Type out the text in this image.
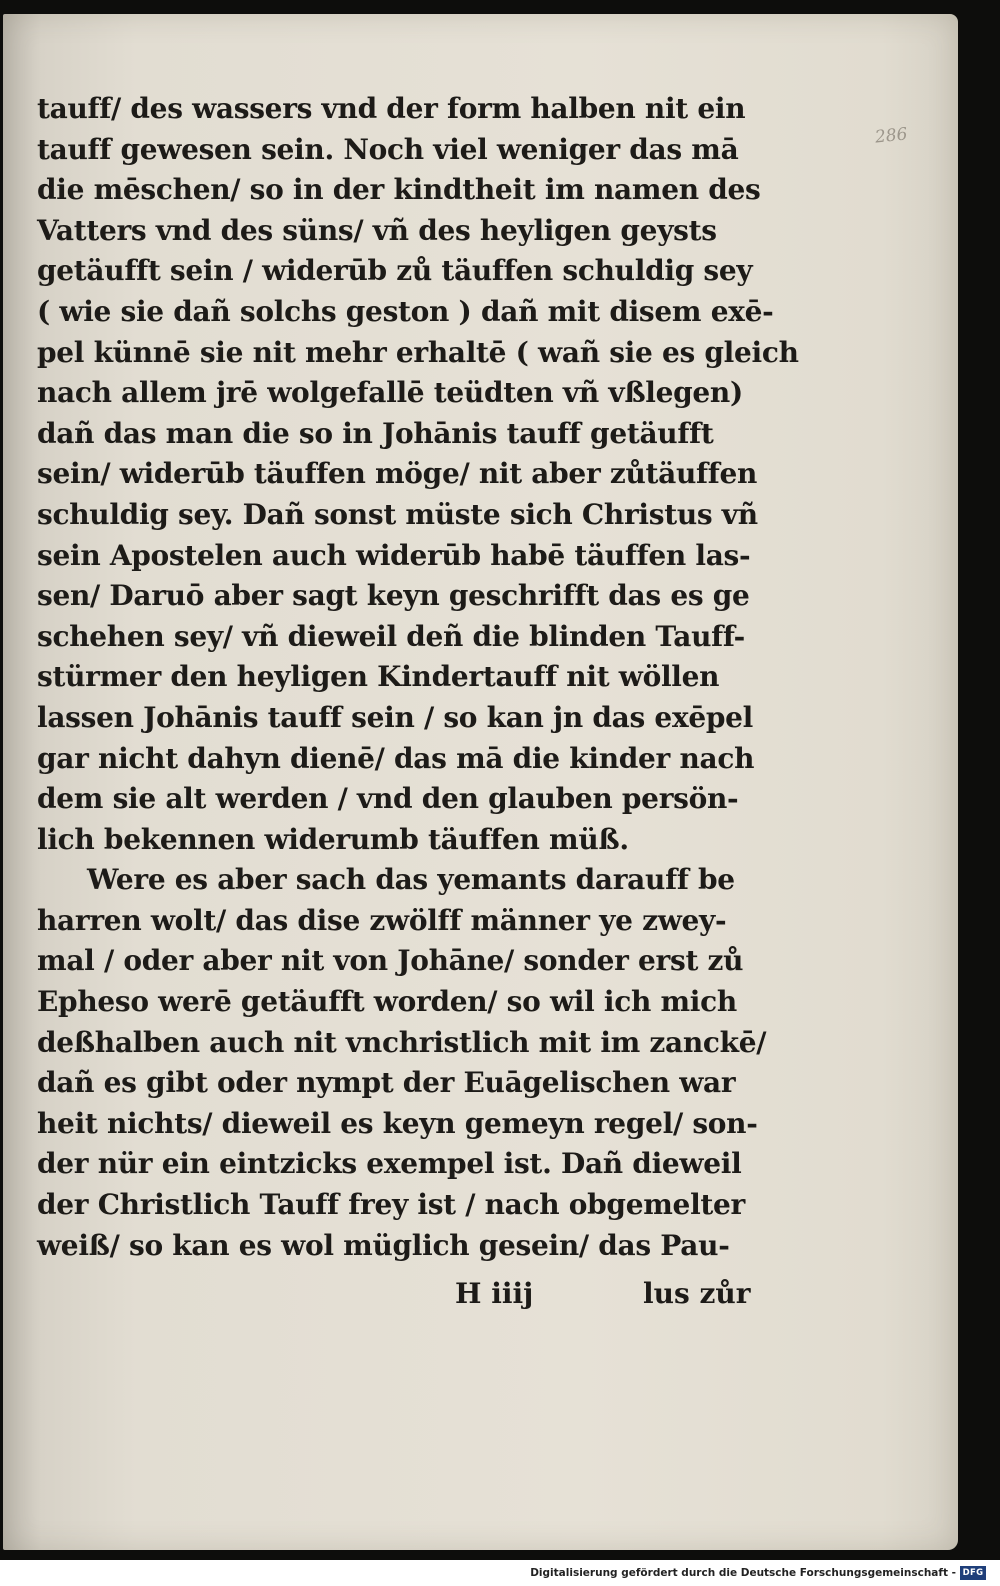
286
tauff/ des wassers vnd der form halben nit ein
tauff gewesen sein. Noch viel weniger das mā
die mēschen/ so in der kindtheit im namen des
Vatters vnd des süns/ vñ des heyligen geysts
getäufft sein / widerūb zů täuffen schuldig sey
( wie sie dañ solchs geston ) dañ mit disem exē-
pel künnē sie nit mehr erhaltē ( wañ sie es gleich
nach allem jrē wolgefallē teüdten vñ vßlegen)
dañ das man die so in Johānis tauff getäufft
sein/ widerūb täuffen möge/ nit aber zůtäuffen
schuldig sey. Dañ sonst müste sich Christus vñ
sein Apostelen auch widerūb habē täuffen las-
sen/ Daruō aber sagt keyn geschrifft das es ge
schehen sey/ vñ dieweil deñ die blinden Tauff-
stürmer den heyligen Kindertauff nit wöllen
lassen Johānis tauff sein / so kan jn das exēpel
gar nicht dahyn dienē/ das mā die kinder nach
dem sie alt werden / vnd den glauben persön-
lich bekennen widerumb täuffen müß.
Were es aber sach das yemants darauff be
harren wolt/ das dise zwölff männer ye zwey-
mal / oder aber nit von Johāne/ sonder erst zů
Epheso werē getäufft worden/ so wil ich mich
deßhalben auch nit vnchristlich mit im zanckē/
dañ es gibt oder nympt der Euāgelischen war
heit nichts/ dieweil es keyn gemeyn regel/ son-
der nür ein eintzicks exempel ist. Dañ dieweil
der Christlich Tauff frey ist / nach obgemelter
weiß/ so kan es wol müglich gesein/ das Pau-
H iiij	lus zůr
Digitalisierung gefördert durch die Deutsche Forschungsgemeinschaft - DFG
